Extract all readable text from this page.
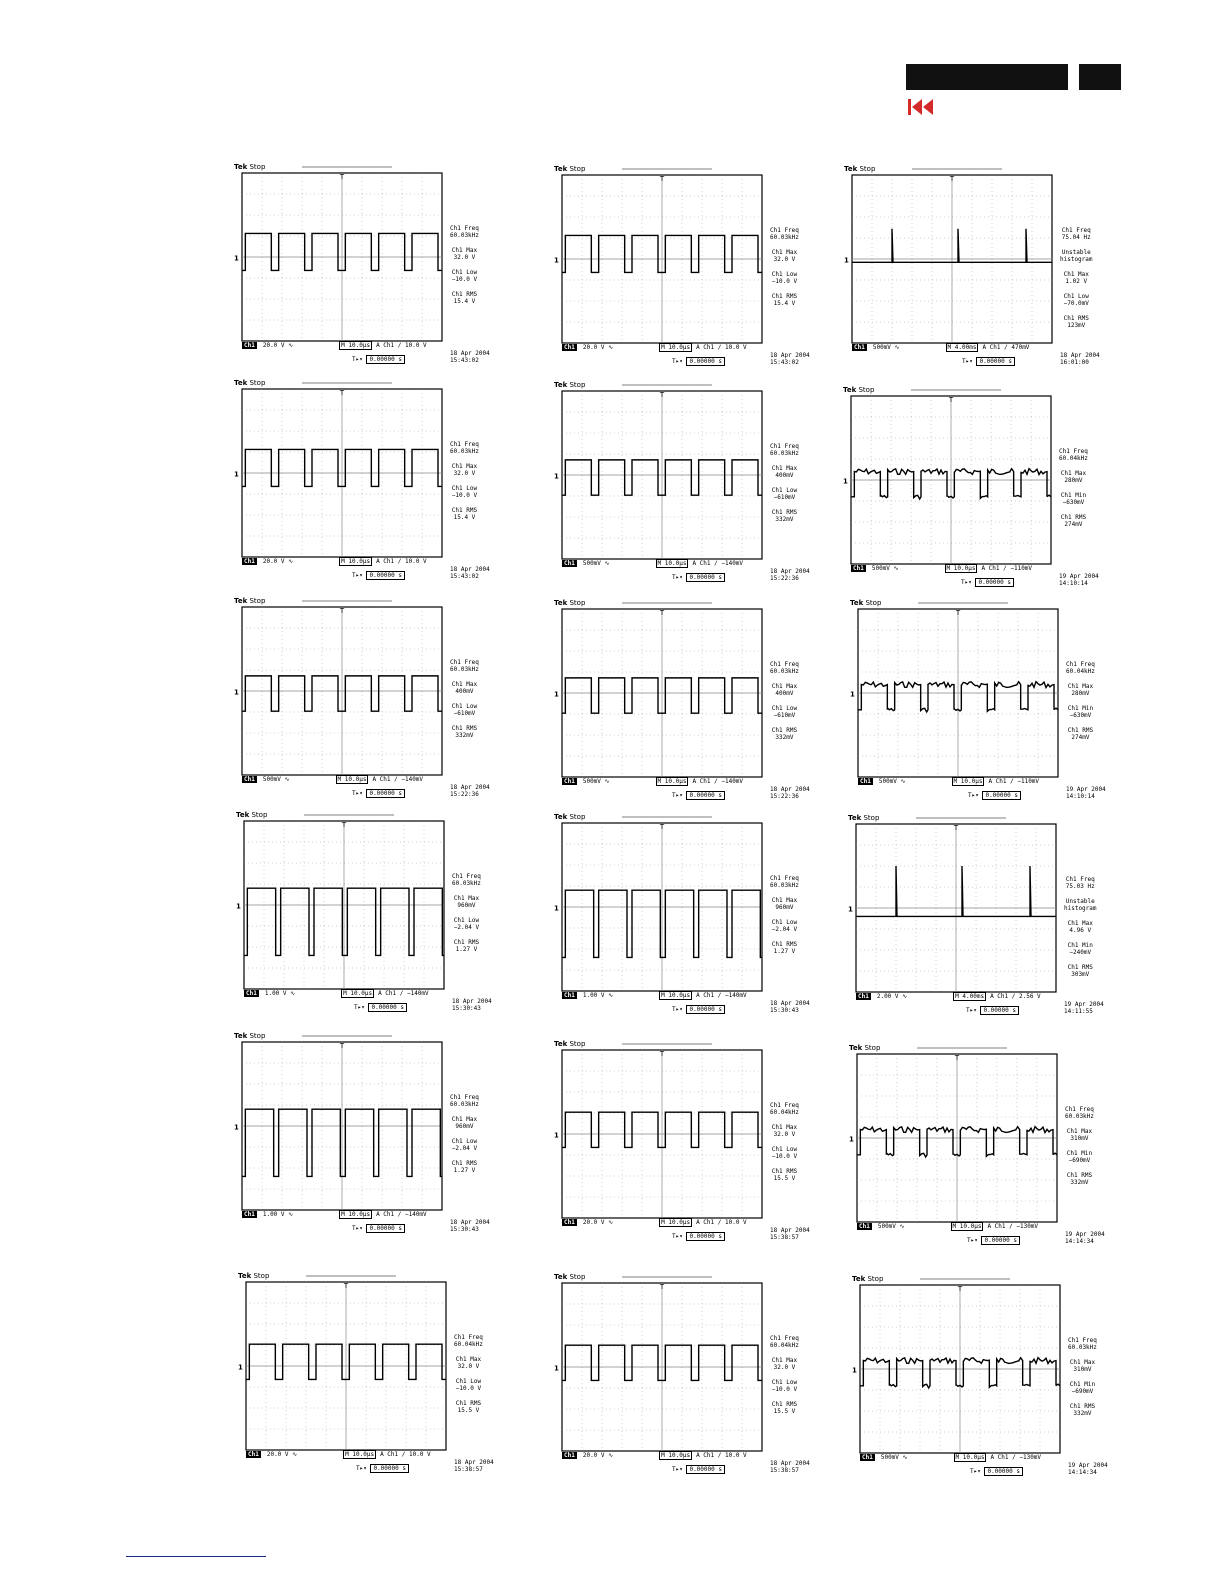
Tek Stop
T
1
Ch1 Freq
60.03kHz
Ch1 Max
32.0 V
Ch1 Low
−10.0 V
Ch1 RMS
15.4 V
Ch1 20.0 V ∿	M 10.0µs A Ch1 ∕ 10.0 V
T▸▾ 0.00000 s
18 Apr 2004
15:43:02
Tek Stop
T
1
Ch1 Freq
60.03kHz
Ch1 Max
32.0 V
Ch1 Low
−10.0 V
Ch1 RMS
15.4 V
Ch1 20.0 V ∿	M 10.0µs A Ch1 ∕ 10.0 V
T▸▾ 0.00000 s
18 Apr 2004
15:43:02
Tek Stop
T
1
Ch1 Freq
75.04 Hz
Unstable
histogram
Ch1 Max
1.02 V
Ch1 Low
−70.0mV
Ch1 RMS
123mV
Ch1 500mV ∿	M 4.00ms A Ch1 ∕ 470mV
T▸▾ 0.00000 s
18 Apr 2004
16:01:00
Tek Stop
T
1
Ch1 Freq
60.03kHz
Ch1 Max
32.0 V
Ch1 Low
−10.0 V
Ch1 RMS
15.4 V
Ch1 20.0 V ∿	M 10.0µs A Ch1 ∕ 10.0 V
T▸▾ 0.00000 s
18 Apr 2004
15:43:02
Tek Stop
T
1
Ch1 Freq
60.03kHz
Ch1 Max
400mV
Ch1 Low
−610mV
Ch1 RMS
332mV
Ch1 500mV ∿	M 10.0µs A Ch1 ∕ −140mV
T▸▾ 0.00000 s
18 Apr 2004
15:22:36
Tek Stop
T
1
Ch1 Freq
60.04kHz
Ch1 Max
280mV
Ch1 Min
−630mV
Ch1 RMS
274mV
Ch1 500mV ∿	M 10.0µs A Ch1 ∕ −110mV
T▸▾ 0.00000 s
19 Apr 2004
14:10:14
Tek Stop
T
1
Ch1 Freq
60.03kHz
Ch1 Max
400mV
Ch1 Low
−610mV
Ch1 RMS
332mV
Ch1 500mV ∿	M 10.0µs A Ch1 ∕ −140mV
T▸▾ 0.00000 s
18 Apr 2004
15:22:36
Tek Stop
T
1
Ch1 Freq
60.03kHz
Ch1 Max
400mV
Ch1 Low
−610mV
Ch1 RMS
332mV
Ch1 500mV ∿	M 10.0µs A Ch1 ∕ −140mV
T▸▾ 0.00000 s
18 Apr 2004
15:22:36
Tek Stop
T
1
Ch1 Freq
60.04kHz
Ch1 Max
280mV
Ch1 Min
−630mV
Ch1 RMS
274mV
Ch1 500mV ∿	M 10.0µs A Ch1 ∕ −110mV
T▸▾ 0.00000 s
19 Apr 2004
14:10:14
Tek Stop
T
1
Ch1 Freq
60.03kHz
Ch1 Max
960mV
Ch1 Low
−2.04 V
Ch1 RMS
1.27 V
Ch1 1.00 V ∿	M 10.0µs A Ch1 ∕ −140mV
T▸▾ 0.00000 s
18 Apr 2004
15:30:43
Tek Stop
T
1
Ch1 Freq
60.03kHz
Ch1 Max
960mV
Ch1 Low
−2.04 V
Ch1 RMS
1.27 V
Ch1 1.00 V ∿	M 10.0µs A Ch1 ∕ −140mV
T▸▾ 0.00000 s
18 Apr 2004
15:30:43
Tek Stop
T
1
Ch1 Freq
75.03 Hz
Unstable
histogram
Ch1 Max
4.96 V
Ch1 Min
−240mV
Ch1 RMS
303mV
Ch1 2.00 V ∿	M 4.00ms A Ch1 ∕ 2.56 V
T▸▾ 0.00000 s
19 Apr 2004
14:11:55
Tek Stop
T
1
Ch1 Freq
60.03kHz
Ch1 Max
960mV
Ch1 Low
−2.04 V
Ch1 RMS
1.27 V
Ch1 1.00 V ∿	M 10.0µs A Ch1 ∕ −140mV
T▸▾ 0.00000 s
18 Apr 2004
15:30:43
Tek Stop
T
1
Ch1 Freq
60.04kHz
Ch1 Max
32.0 V
Ch1 Low
−10.0 V
Ch1 RMS
15.5 V
Ch1 20.0 V ∿	M 10.0µs A Ch1 ∕ 10.0 V
T▸▾ 0.00000 s
18 Apr 2004
15:38:57
Tek Stop
T
1
Ch1 Freq
60.03kHz
Ch1 Max
310mV
Ch1 Min
−690mV
Ch1 RMS
332mV
Ch1 500mV ∿	M 10.0µs A Ch1 ∕ −130mV
T▸▾ 0.00000 s
19 Apr 2004
14:14:34
Tek Stop
T
1
Ch1 Freq
60.04kHz
Ch1 Max
32.0 V
Ch1 Low
−10.0 V
Ch1 RMS
15.5 V
Ch1 20.0 V ∿	M 10.0µs A Ch1 ∕ 10.0 V
T▸▾ 0.00000 s
18 Apr 2004
15:38:57
Tek Stop
T
1
Ch1 Freq
60.04kHz
Ch1 Max
32.0 V
Ch1 Low
−10.0 V
Ch1 RMS
15.5 V
Ch1 20.0 V ∿	M 10.0µs A Ch1 ∕ 10.0 V
T▸▾ 0.00000 s
18 Apr 2004
15:38:57
Tek Stop
T
1
Ch1 Freq
60.03kHz
Ch1 Max
310mV
Ch1 Min
−690mV
Ch1 RMS
332mV
Ch1 500mV ∿	M 10.0µs A Ch1 ∕ −130mV
T▸▾ 0.00000 s
19 Apr 2004
14:14:34
